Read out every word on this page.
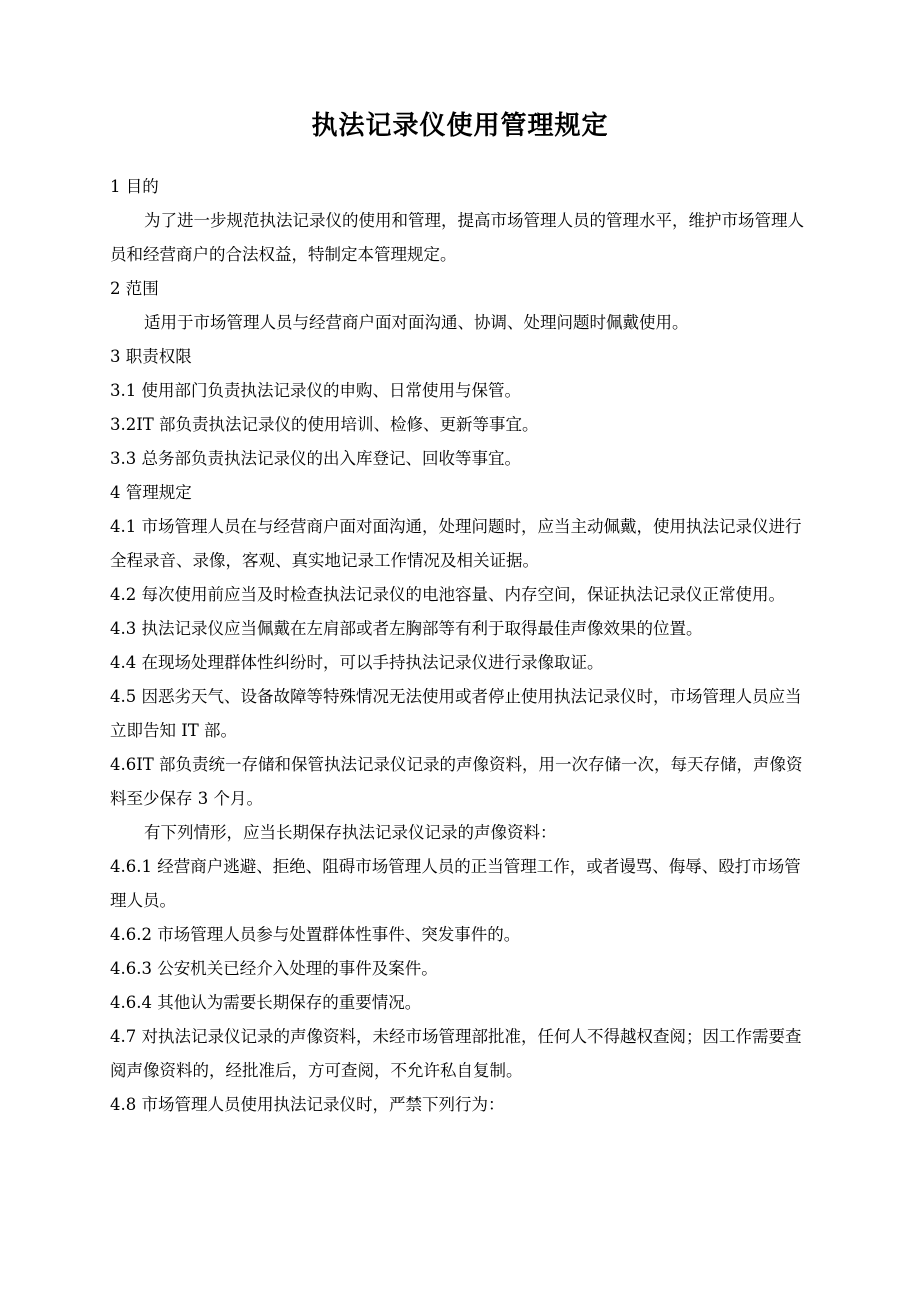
执法记录仪使用管理规定

1 目的

为了进一步规范执法记录仪的使用和管理，提高市场管理人员的管理水平，维护市场管理人员和经营商户的合法权益，特制定本管理规定。

2 范围

适用于市场管理人员与经营商户面对面沟通、协调、处理问题时佩戴使用。

3 职责权限

3.1 使用部门负责执法记录仪的申购、日常使用与保管。

3.2IT 部负责执法记录仪的使用培训、检修、更新等事宜。

3.3 总务部负责执法记录仪的出入库登记、回收等事宜。

4 管理规定

4.1 市场管理人员在与经营商户面对面沟通，处理问题时，应当主动佩戴，使用执法记录仪进行全程录音、录像，客观、真实地记录工作情况及相关证据。

4.2 每次使用前应当及时检查执法记录仪的电池容量、内存空间，保证执法记录仪正常使用。

4.3 执法记录仪应当佩戴在左肩部或者左胸部等有利于取得最佳声像效果的位置。

4.4 在现场处理群体性纠纷时，可以手持执法记录仪进行录像取证。

4.5 因恶劣天气、设备故障等特殊情况无法使用或者停止使用执法记录仪时，市场管理人员应当立即告知 IT 部。

4.6IT 部负责统一存储和保管执法记录仪记录的声像资料，用一次存储一次，每天存储，声像资料至少保存 3 个月。

有下列情形，应当长期保存执法记录仪记录的声像资料：

4.6.1 经营商户逃避、拒绝、阻碍市场管理人员的正当管理工作，或者谩骂、侮辱、殴打市场管理人员。

4.6.2 市场管理人员参与处置群体性事件、突发事件的。

4.6.3 公安机关已经介入处理的事件及案件。

4.6.4 其他认为需要长期保存的重要情况。

4.7 对执法记录仪记录的声像资料，未经市场管理部批准，任何人不得越权查阅；因工作需要查阅声像资料的，经批准后，方可查阅，不允许私自复制。

4.8 市场管理人员使用执法记录仪时，严禁下列行为：
